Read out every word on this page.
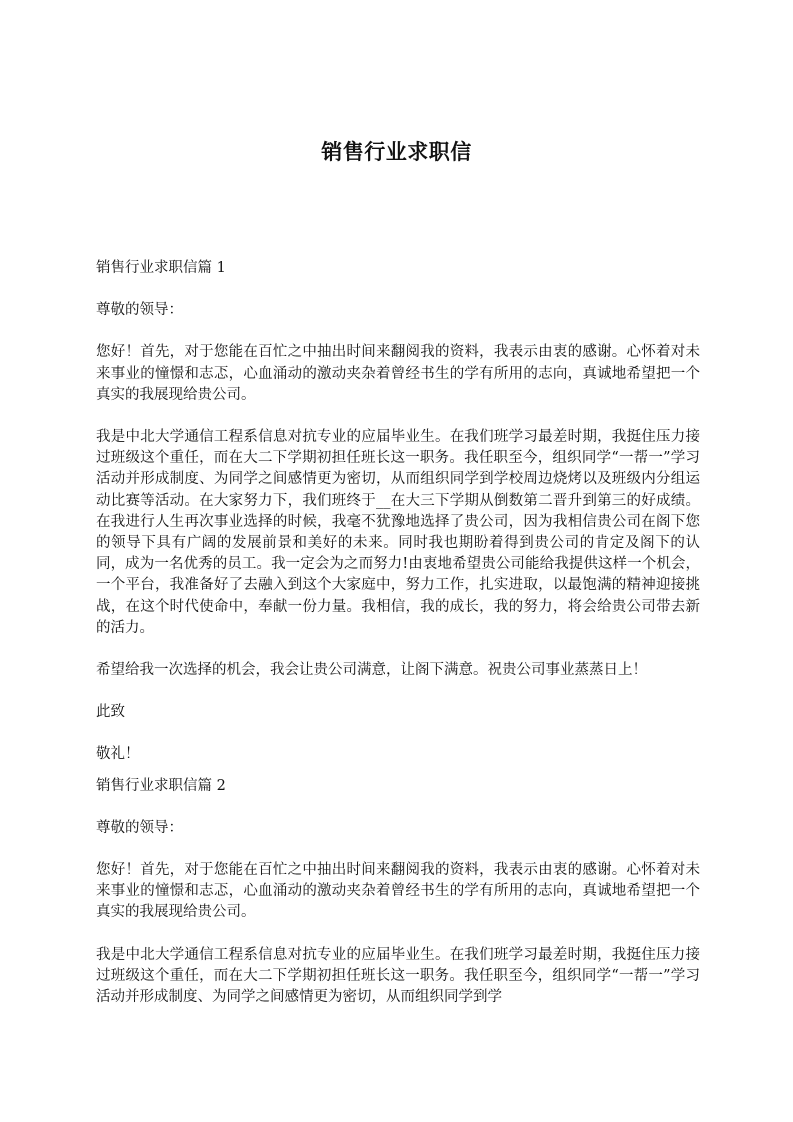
销售行业求职信

销售行业求职信篇 1

尊敬的领导：

您好！首先，对于您能在百忙之中抽出时间来翻阅我的资料，我表示由衷的感谢。心怀着对未来事业的憧憬和志忑，心血涌动的激动夹杂着曾经书生的学有所用的志向，真诚地希望把一个真实的我展现给贵公司。

我是中北大学通信工程系信息对抗专业的应届毕业生。在我们班学习最差时期，我挺住压力接过班级这个重任，而在大二下学期初担任班长这一职务。我任职至今，组织同学“一帮一”学习活动并形成制度、为同学之间感情更为密切，从而组织同学到学校周边烧烤以及班级内分组运动比赛等活动。在大家努力下，我们班终于__在大三下学期从倒数第二晋升到第三的好成绩。在我进行人生再次事业选择的时候，我毫不犹豫地选择了贵公司，因为我相信贵公司在阁下您的领导下具有广阔的发展前景和美好的未来。同时我也期盼着得到贵公司的肯定及阁下的认同，成为一名优秀的员工。我一定会为之而努力!由衷地希望贵公司能给我提供这样一个机会，一个平台，我准备好了去融入到这个大家庭中，努力工作，扎实进取，以最饱满的精神迎接挑战，在这个时代使命中，奉献一份力量。我相信，我的成长，我的努力，将会给贵公司带去新的活力。

希望给我一次选择的机会，我会让贵公司满意，让阁下满意。祝贵公司事业蒸蒸日上！

此致

敬礼！

销售行业求职信篇 2

尊敬的领导：

您好！首先，对于您能在百忙之中抽出时间来翻阅我的资料，我表示由衷的感谢。心怀着对未来事业的憧憬和志忑，心血涌动的激动夹杂着曾经书生的学有所用的志向，真诚地希望把一个真实的我展现给贵公司。

我是中北大学通信工程系信息对抗专业的应届毕业生。在我们班学习最差时期，我挺住压力接过班级这个重任，而在大二下学期初担任班长这一职务。我任职至今，组织同学“一帮一”学习活动并形成制度、为同学之间感情更为密切，从而组织同学到学
